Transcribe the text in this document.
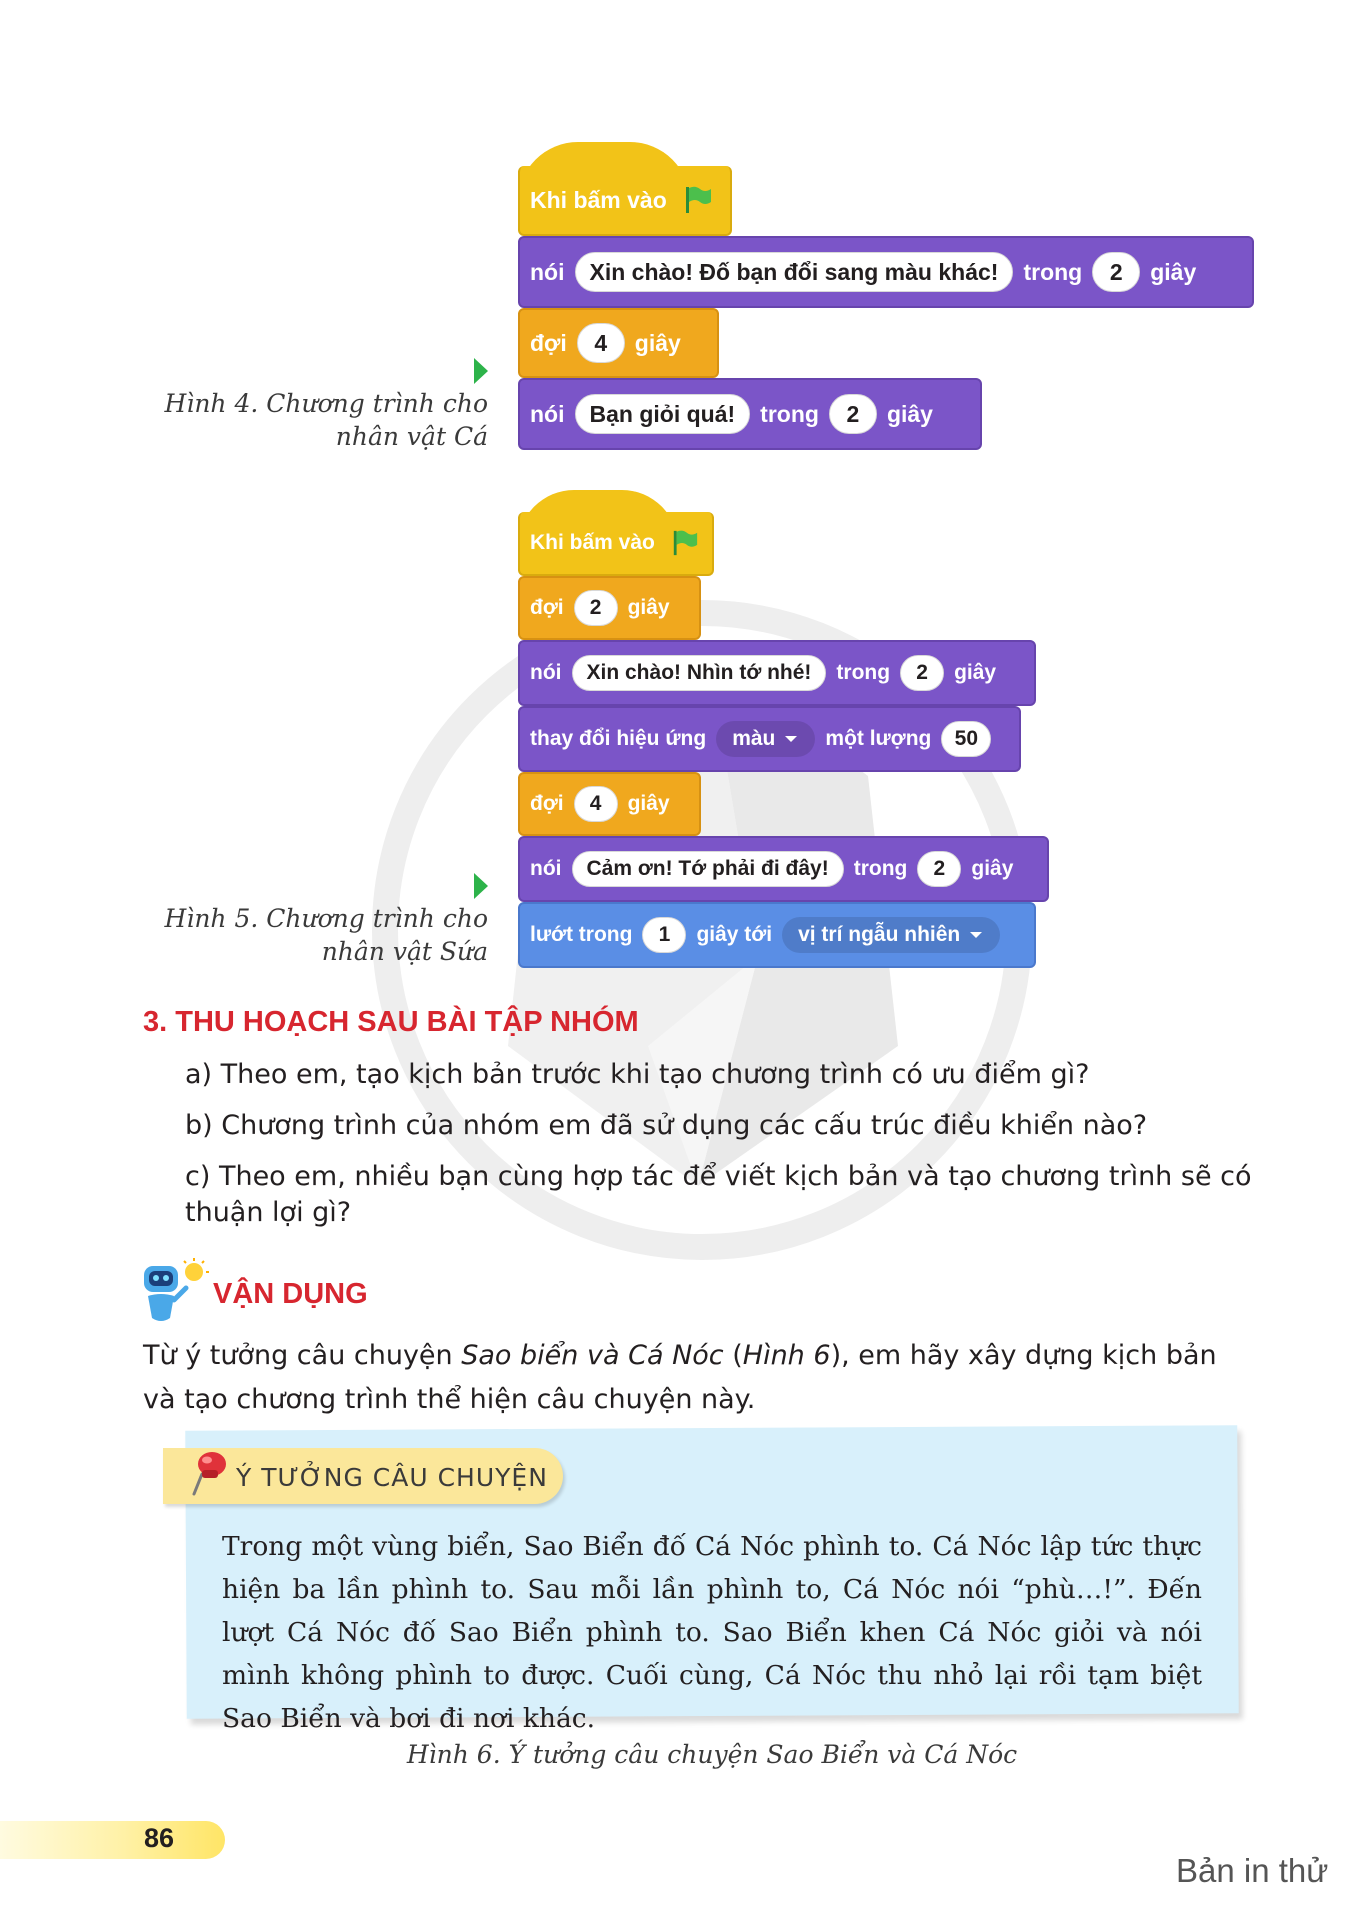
Khi bấm vào
nói	Xin chào! Đố bạn đổi sang màu khác!	trong	2	giây
đợi	4	giây
nói	Bạn giỏi quá!	trong	2	giây
Hình 4. Chương trình cho
nhân vật Cá
Khi bấm vào
đợi	2	giây
nói	Xin chào! Nhìn tớ nhé!	trong	2	giây
thay đổi hiệu ứng màu một lượng	50
đợi	4	giây
nói	Cảm ơn! Tớ phải đi đây!	trong	2	giây
lướt trong	1	giây tới vị trí ngẫu nhiên
Hình 5. Chương trình cho
nhân vật Sứa
3. THU HOẠCH SAU BÀI TẬP NHÓM
a) Theo em, tạo kịch bản trước khi tạo chương trình có ưu điểm gì?
b) Chương trình của nhóm em đã sử dụng các cấu trúc điều khiển nào?
c) Theo em, nhiều bạn cùng hợp tác để viết kịch bản và tạo chương trình sẽ có
thuận lợi gì?
VẬN DỤNG
Từ ý tưởng câu chuyện Sao biển và Cá Nóc (Hình 6), em hãy xây dựng kịch bản
và tạo chương trình thể hiện câu chuyện này.
Ý TƯỞNG CÂU CHUYỆN
Trong một vùng biển, Sao Biển đố Cá Nóc phình to. Cá Nóc lập tức thực hiện ba lần phình to. Sau mỗi lần phình to, Cá Nóc nói “phù…!”. Đến lượt Cá Nóc đố Sao Biển phình to. Sao Biển khen Cá Nóc giỏi và nói mình không phình to được. Cuối cùng, Cá Nóc thu nhỏ lại rồi tạm biệt Sao Biển và bơi đi nơi khác.
Hình 6. Ý tưởng câu chuyện Sao Biển và Cá Nóc
86
Bản in thử
